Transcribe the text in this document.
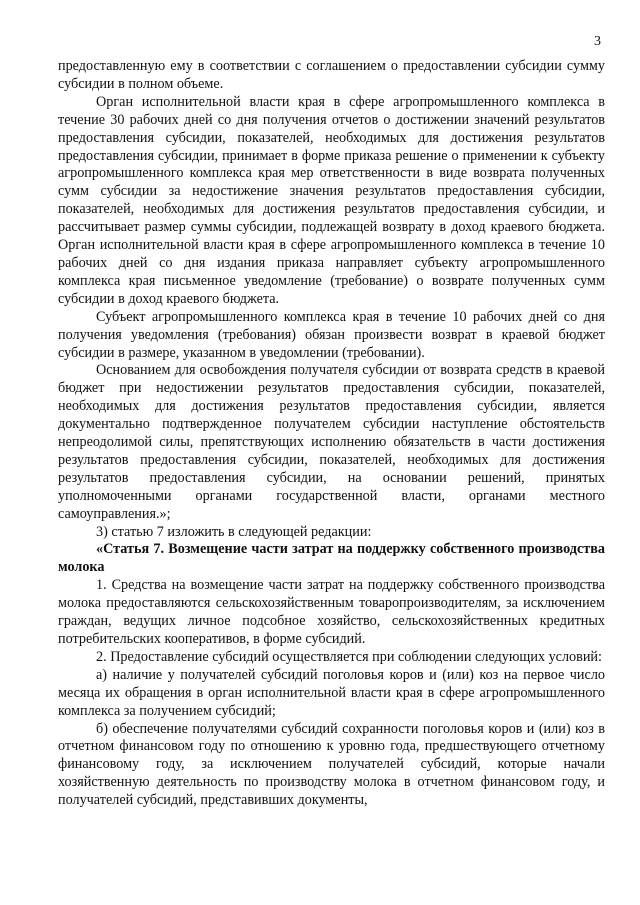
3

предоставленную ему в соответствии с соглашением о предоставлении субсидии сумму субсидии в полном объеме.

Орган исполнительной власти края в сфере агропромышленного комплекса в течение 30 рабочих дней со дня получения отчетов о достижении значений результатов предоставления субсидии, показателей, необходимых для достижения результатов предоставления субсидии, принимает в форме приказа решение о применении к субъекту агропромышленного комплекса края мер ответственности в виде возврата полученных сумм субсидии за недостижение значения результатов предоставления субсидии, показателей, необходимых для достижения результатов предоставления субсидии, и рассчитывает размер суммы субсидии, подлежащей возврату в доход краевого бюджета. Орган исполнительной власти края в сфере агропромышленного комплекса в течение 10 рабочих дней со дня издания приказа направляет субъекту агропромышленного комплекса края письменное уведомление (требование) о возврате полученных сумм субсидии в доход краевого бюджета.

Субъект агропромышленного комплекса края в течение 10 рабочих дней со дня получения уведомления (требования) обязан произвести возврат в краевой бюджет субсидии в размере, указанном в уведомлении (требовании).

Основанием для освобождения получателя субсидии от возврата средств в краевой бюджет при недостижении результатов предоставления субсидии, показателей, необходимых для достижения результатов предоставления субсидии, является документально подтвержденное получателем субсидии наступление обстоятельств непреодолимой силы, препятствующих исполнению обязательств в части достижения результатов предоставления субсидии, показателей, необходимых для достижения результатов предоставления субсидии, на основании решений, принятых уполномоченными органами государственной власти, органами местного самоуправления.»;

3) статью 7 изложить в следующей редакции:

«Статья 7. Возмещение части затрат на поддержку собственного производства молока

1. Средства на возмещение части затрат на поддержку собственного производства молока предоставляются сельскохозяйственным товаропроизводителям, за исключением граждан, ведущих личное подсобное хозяйство, сельскохозяйственных кредитных потребительских кооперативов, в форме субсидий.

2. Предоставление субсидий осуществляется при соблюдении следующих условий:

а) наличие у получателей субсидий поголовья коров и (или) коз на первое число месяца их обращения в орган исполнительной власти края в сфере агропромышленного комплекса за получением субсидий;

б) обеспечение получателями субсидий сохранности поголовья коров и (или) коз в отчетном финансовом году по отношению к уровню года, предшествующего отчетному финансовому году, за исключением получателей субсидий, которые начали хозяйственную деятельность по производству молока в отчетном финансовом году, и получателей субсидий, представивших документы,
